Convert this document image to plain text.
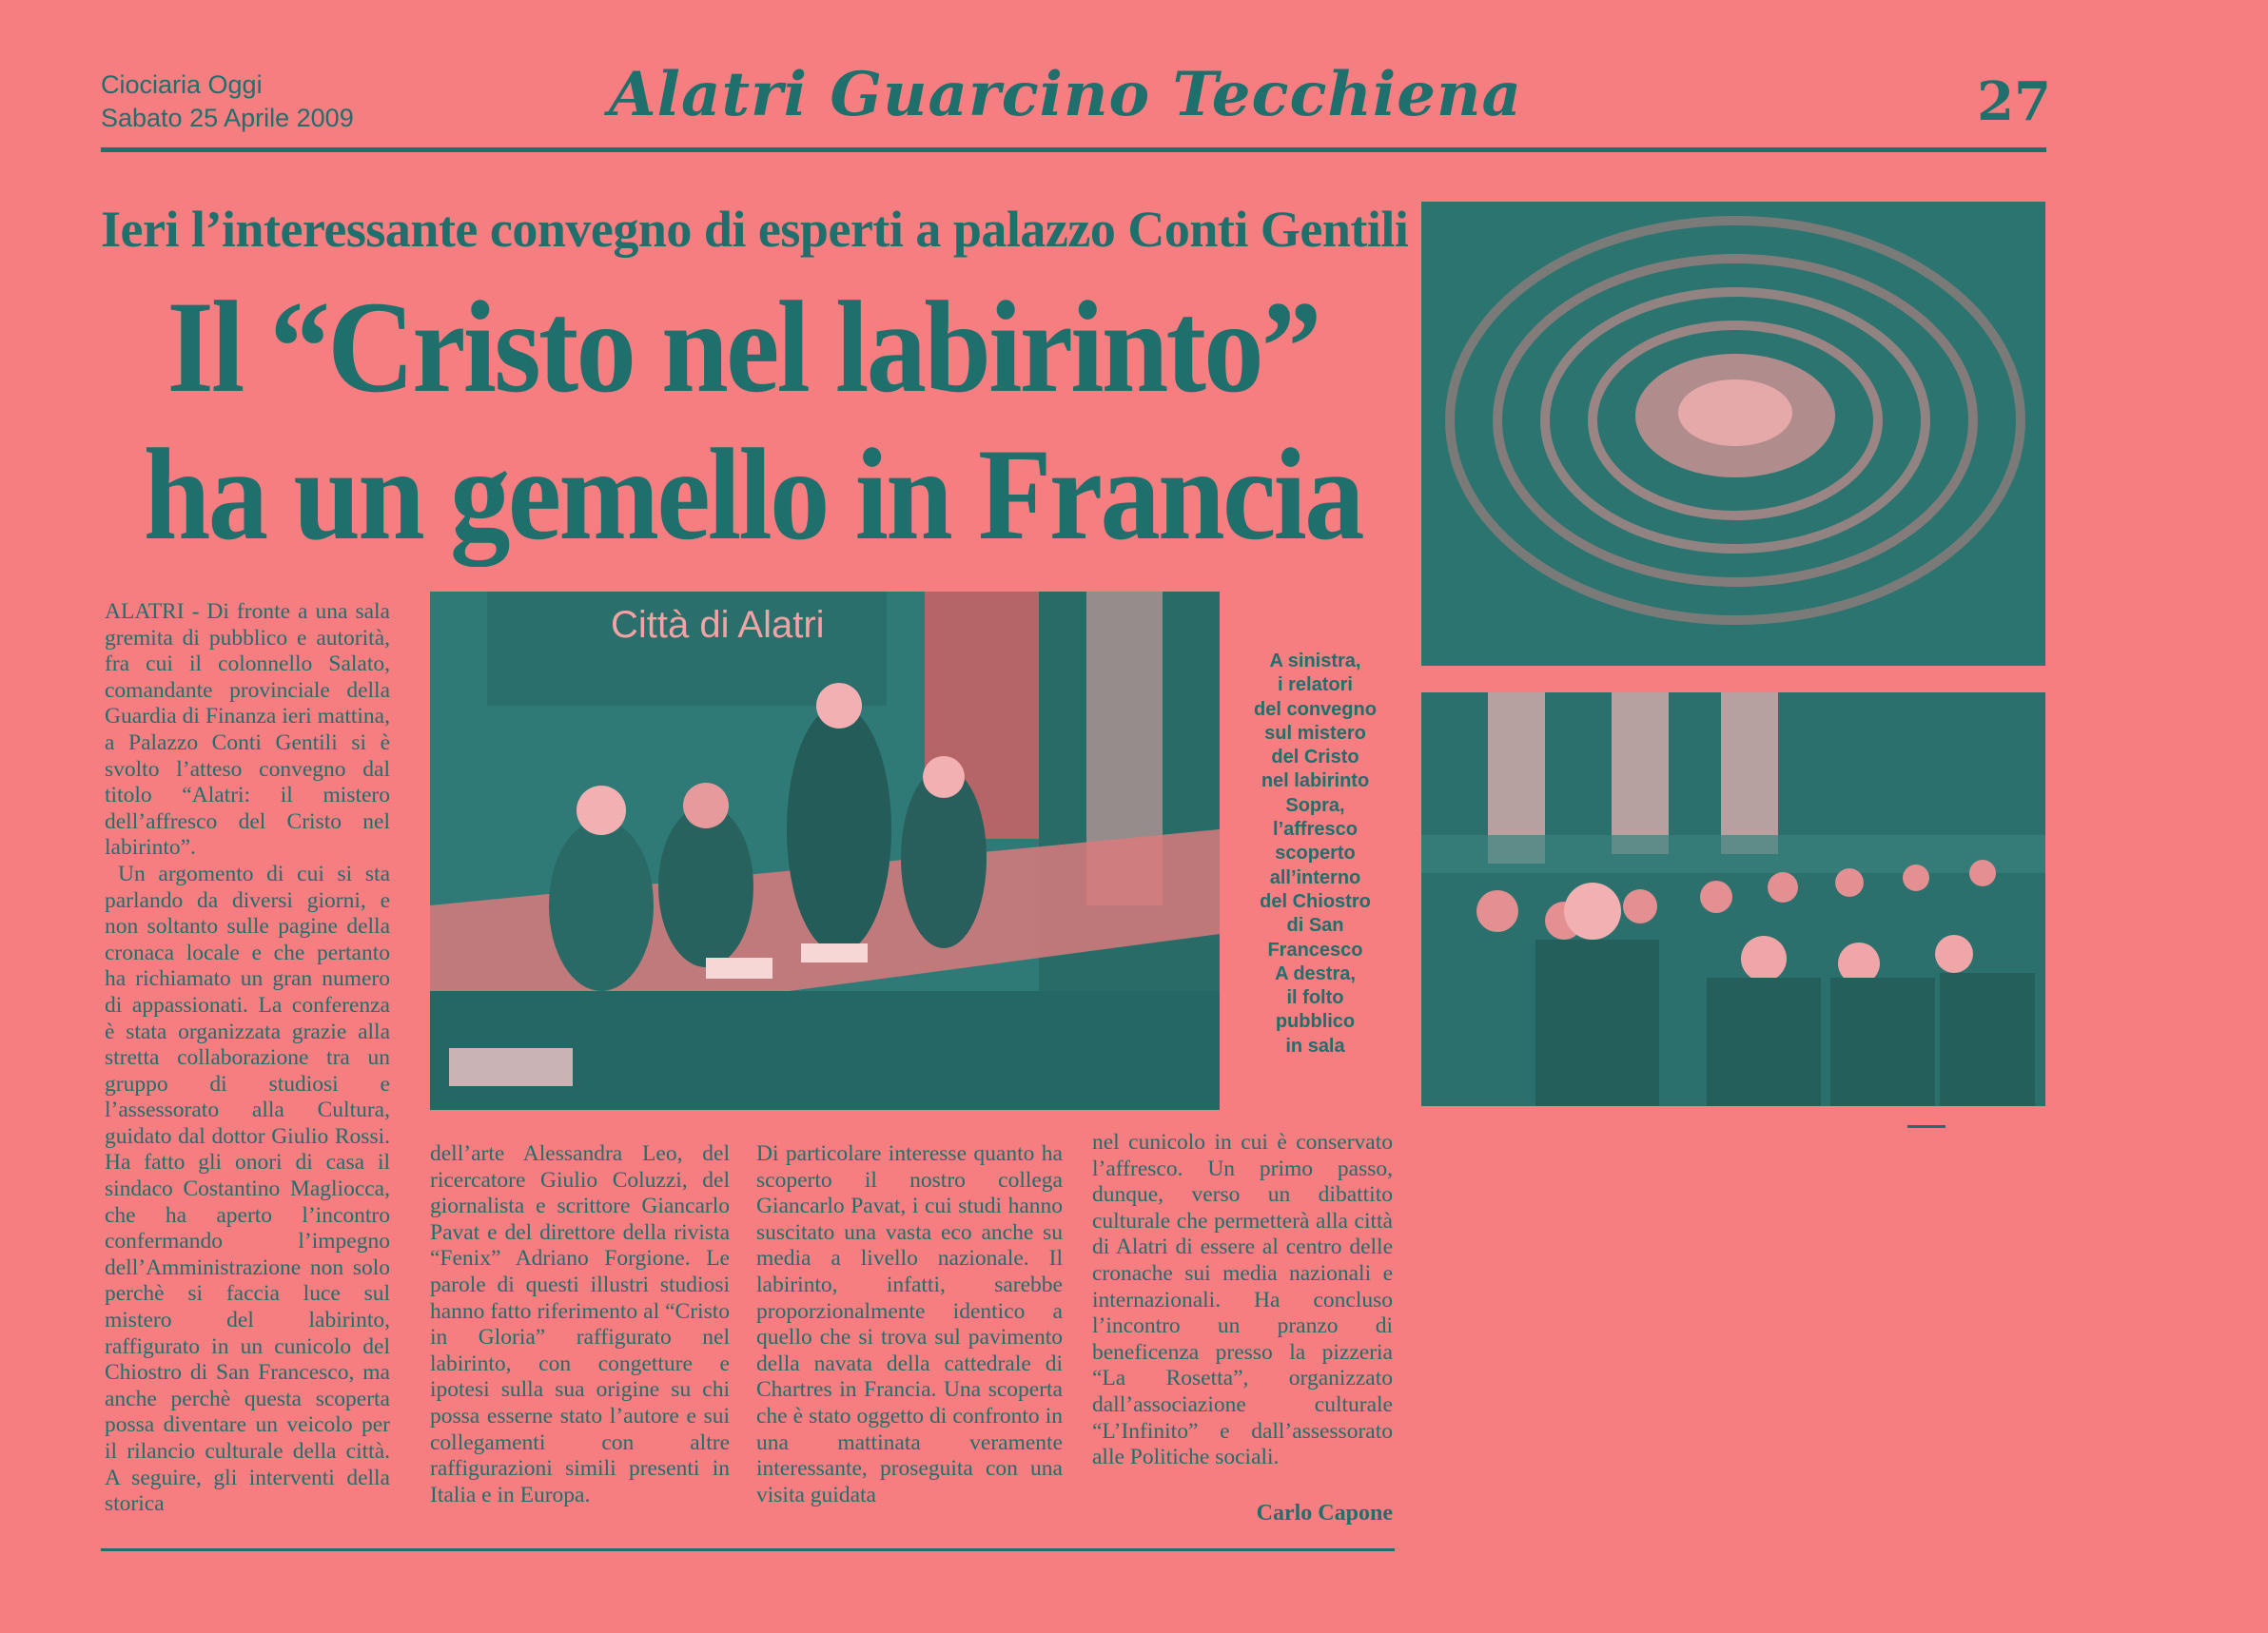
Ciociaria Oggi
Sabato 25 Aprile 2009	Alatri Guarcino Tecchiena	27
Ieri l’interessante convegno di esperti a palazzo Conti Gentili
Il “Cristo nel labirinto”
ha un gemello in Francia

ALATRI - Di fronte a una sala gremita di pubblico e autorità, fra cui il colonnello Salato, comandante provinciale della Guardia di Finanza ieri mattina, a Palazzo Conti Gentili si è svolto l’atteso convegno dal titolo “Alatri: il mistero dell’affresco del Cristo nel labirinto”.

Un argomento di cui si sta parlando da diversi giorni, e non soltanto sulle pagine della cronaca locale e che pertanto ha richiamato un gran numero di appassionati. La conferenza è stata organizzata grazie alla stretta collaborazione tra un gruppo di studiosi e l’assessorato alla Cultura, guidato dal dottor Giulio Rossi. Ha fatto gli onori di casa il sindaco Costantino Magliocca, che ha aperto l’incontro confermando l’impegno dell’Amministrazione non solo perchè si faccia luce sul mistero del labirinto, raffigurato in un cunicolo del Chiostro di San Francesco, ma anche perchè questa scoperta possa diventare un veicolo per il rilancio culturale della città. A seguire, gli interventi della storica

dell’arte Alessandra Leo, del ricercatore Giulio Coluzzi, del giornalista e scrittore Giancarlo Pavat e del direttore della rivista “Fenix” Adriano Forgione. Le parole di questi illustri studiosi hanno fatto riferimento al “Cristo in Gloria” raffigurato nel labirinto, con congetture e ipotesi sulla sua origine su chi possa esserne stato l’autore e sui collegamenti con altre raffigurazioni simili presenti in Italia e in Europa.

Di particolare interesse quanto ha scoperto il nostro collega Giancarlo Pavat, i cui studi hanno suscitato una vasta eco anche su media a livello nazionale. Il labirinto, infatti, sarebbe proporzionalmente identico a quello che si trova sul pavimento della navata della cattedrale di Chartres in Francia. Una scoperta che è stato oggetto di confronto in una mattinata veramente interessante, proseguita con una visita guidata

nel cunicolo in cui è conservato l’affresco. Un primo passo, dunque, verso un dibattito culturale che permetterà alla città di Alatri di essere al centro delle cronache sui media nazionali e internazionali. Ha concluso l’incontro un pranzo di beneficenza presso la pizzeria “La Rosetta”, organizzato dall’associazione culturale “L’Infinito” e dall’assessorato alle Politiche sociali.

Carlo Capone
Città di Alatri
A sinistra,
i relatori
del convegno
sul mistero
del Cristo
nel labirinto
Sopra,
l’affresco
scoperto
all’interno
del Chiostro
di San
Francesco
A destra,
il folto
pubblico
in sala
